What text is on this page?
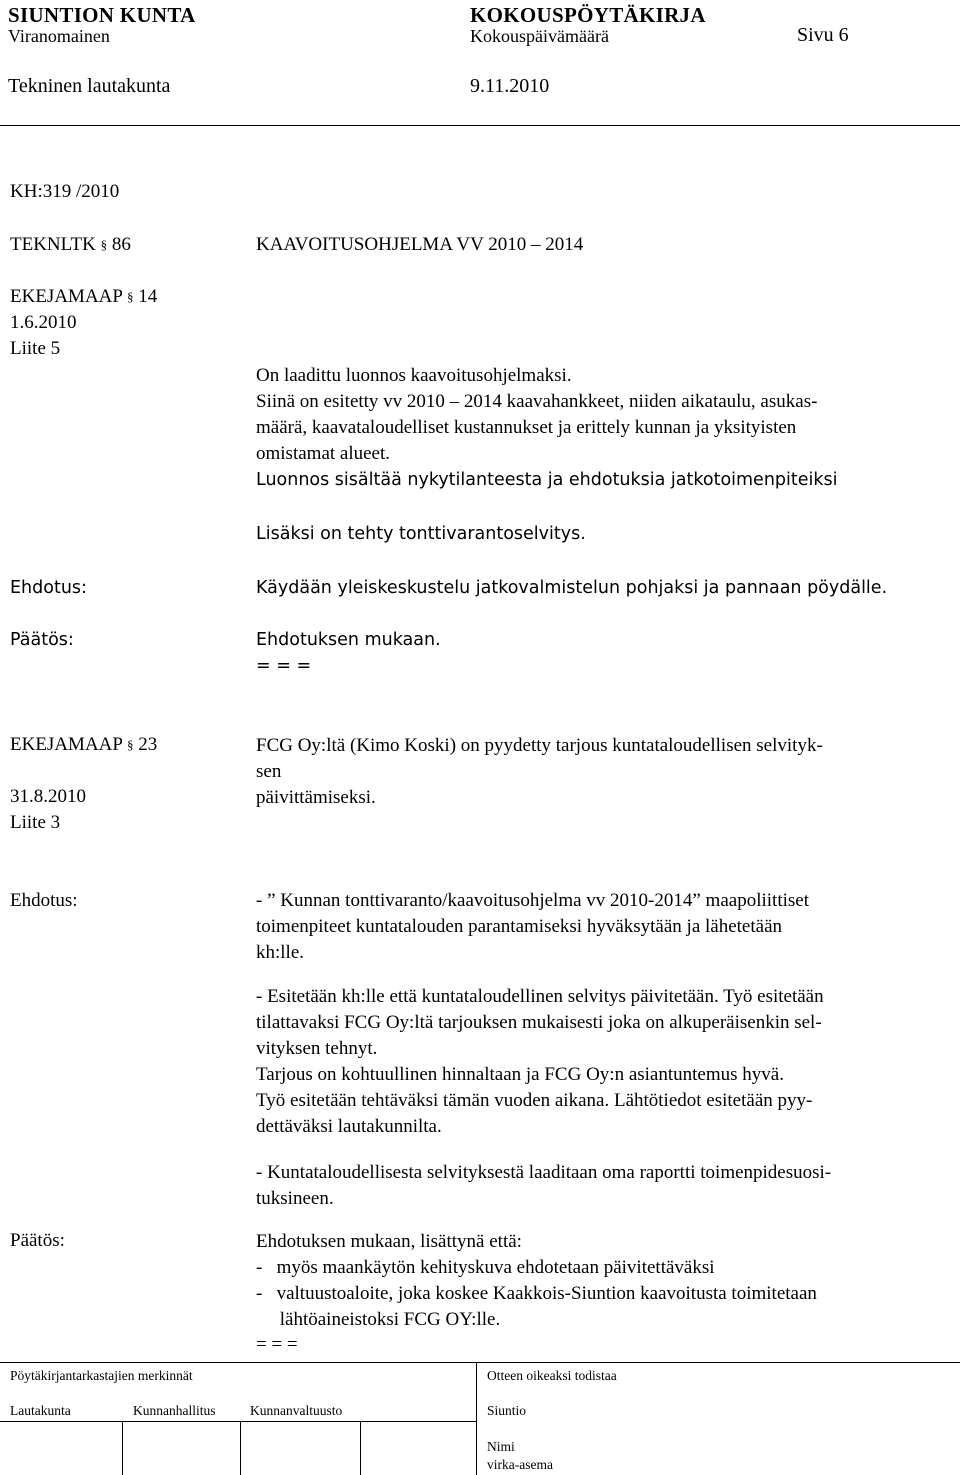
SIUNTION KUNTA	KOKOUSPÖYTÄKIRJA
Viranomainen	Kokouspäivämäärä	Sivu 6
Tekninen lautakunta	9.11.2010
KH:319 /2010
TEKNLTK § 86	KAAVOITUSOHJELMA VV 2010 – 2014
EKEJAMAAP § 14
1.6.2010
Liite 5
On laadittu luonnos kaavoitusohjelmaksi.
Siinä on esitetty vv 2010 – 2014 kaavahankkeet, niiden aikataulu, asukas-
määrä, kaavataloudelliset kustannukset ja erittely kunnan ja yksityisten
omistamat alueet.
Luonnos sisältää nykytilanteesta ja ehdotuksia jatkotoimenpiteiksi
Lisäksi on tehty tonttivarantoselvitys.
Ehdotus:	Käydään yleiskeskustelu jatkovalmistelun pohjaksi ja pannaan pöydälle.
Päätös:	Ehdotuksen mukaan.
= = =
EKEJAMAAP § 23
31.8.2010
Liite 3
FCG Oy:ltä (Kimo Koski) on pyydetty tarjous kuntataloudellisen selvityk-
sen
päivittämiseksi.
Ehdotus:	- ” Kunnan tonttivaranto/kaavoitusohjelma vv 2010-2014” maapoliittiset
toimenpiteet kuntatalouden parantamiseksi hyväksytään ja lähetetään
kh:lle.
- Esitetään kh:lle että kuntataloudellinen selvitys päivitetään. Työ esitetään
tilattavaksi FCG Oy:ltä tarjouksen mukaisesti joka on alkuperäisenkin sel-
vityksen tehnyt.
Tarjous on kohtuullinen hinnaltaan ja FCG Oy:n asiantuntemus hyvä.
Työ esitetään tehtäväksi tämän vuoden aikana. Lähtötiedot esitetään pyy-
dettäväksi lautakunnilta.
- Kuntataloudellisesta selvityksestä laaditaan oma raportti toimenpidesuosi-
tuksineen.
Päätös:	Ehdotuksen mukaan, lisättynä että:
-   myös maankäytön kehityskuva ehdotetaan päivitettäväksi
-   valtuustoaloite, joka koskee Kaakkois-Siuntion kaavoitusta toimitetaan
lähtöaineistoksi FCG OY:lle.
= = =
Pöytäkirjantarkastajien merkinnät	Otteen oikeaksi todistaa
Lautakunta	Kunnanhallitus	Kunnanvaltuusto	Siuntio
Nimi
virka-asema
